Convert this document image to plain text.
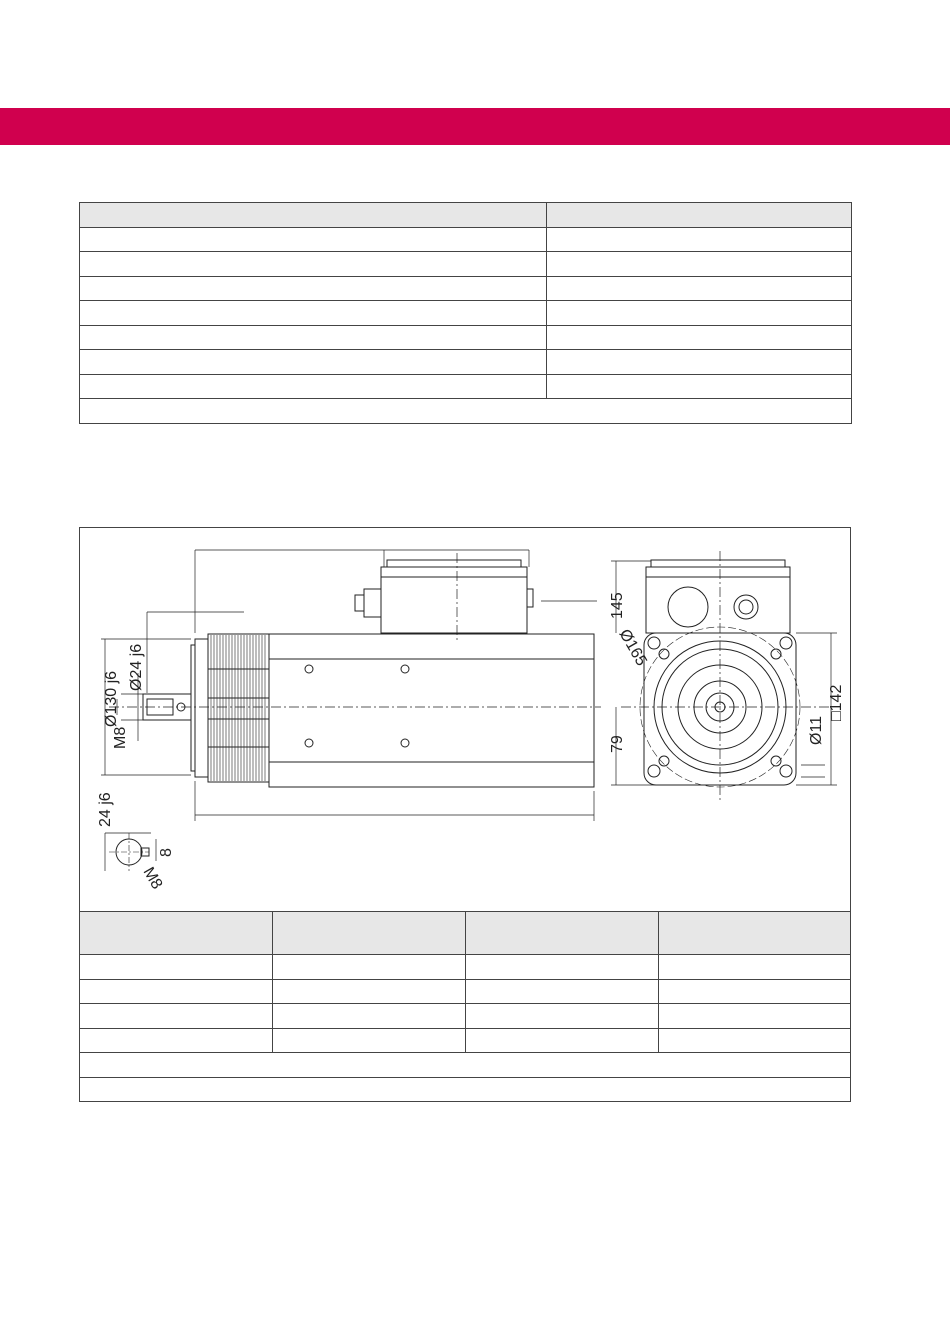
Ø24 j6
Ø130 j6
M8
145
Ø165
79	Ø11
□142
24 j6
8
M8
